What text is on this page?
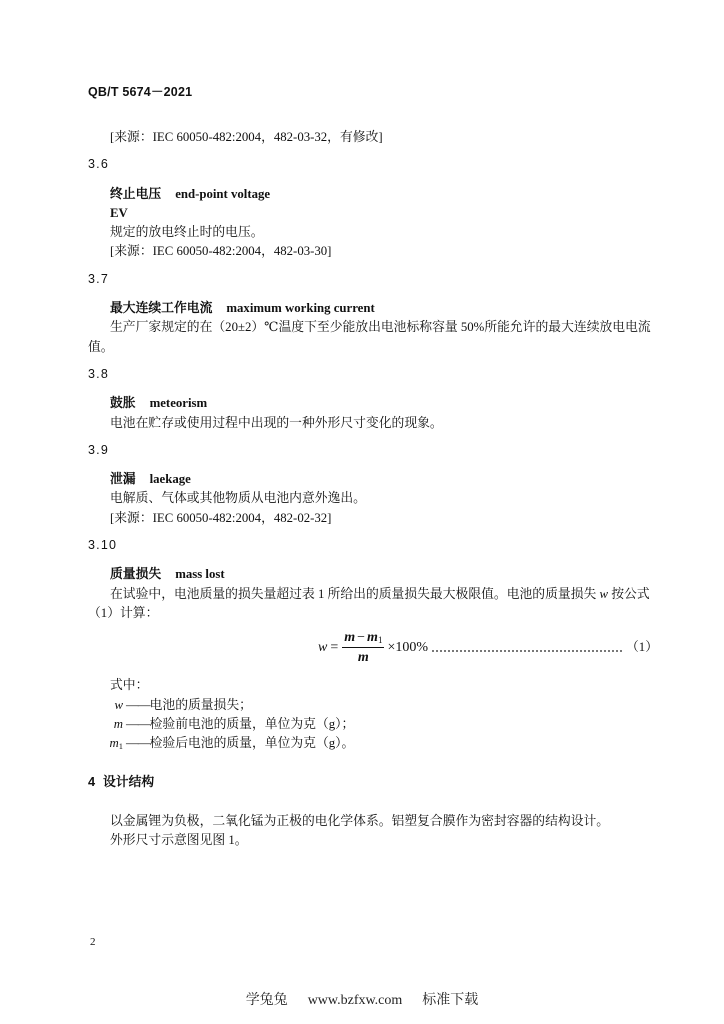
QB/T 5674－2021
[来源：IEC 60050-482:2004，482-03-32，有修改]
3.6
终止电压 end-point voltage
EV
规定的放电终止时的电压。
[来源：IEC 60050-482:2004，482-03-30]
3.7
最大连续工作电流 maximum working current
生产厂家规定的在（20±2）℃温度下至少能放出电池标称容量 50%所能允许的最大连续放电电流值。
3.8
鼓胀 meteorism
电池在贮存或使用过程中出现的一种外形尺寸变化的现象。
3.9
泄漏 laekage
电解质、气体或其他物质从电池内意外逸出。
[来源：IEC 60050-482:2004，482-02-32]
3.10
质量损失 mass lost
在试验中，电池质量的损失量超过表 1 所给出的质量损失最大极限值。电池的质量损失 w 按公式（1）计算：
$w = \frac{m - m_1}{m} \times 100\%$	（1）
式中：
w —— 电池的质量损失；
m —— 检验前电池的质量，单位为克（g）；
$m_1$ —— 检验后电池的质量，单位为克（g）。
4 设计结构
以金属锂为负极，二氧化锰为正极的电化学体系。铝塑复合膜作为密封容器的结构设计。
外形尺寸示意图见图 1。
2
学兔兔 www.bzfxw.com 标准下载
